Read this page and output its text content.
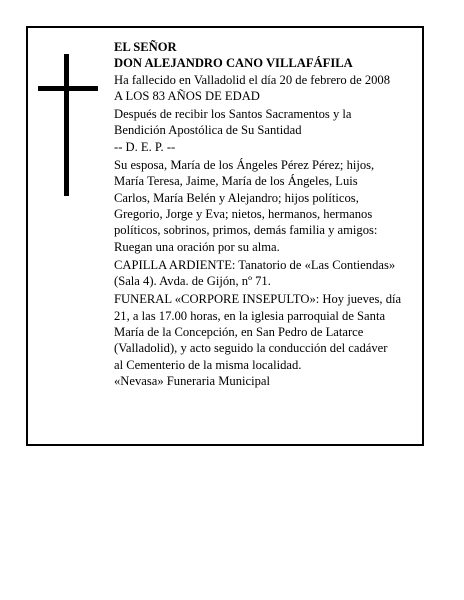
EL SEÑOR
DON ALEJANDRO CANO VILLAFÁFILA
Ha fallecido en Valladolid el día 20 de febrero de 2008
A LOS 83 AÑOS DE EDAD
Después de recibir los Santos Sacramentos y la
Bendición Apostólica de Su Santidad
-- D. E. P. --
Su esposa, María de los Ángeles Pérez Pérez; hijos,
María Teresa, Jaime, María de los Ángeles, Luis
Carlos, María Belén y Alejandro; hijos políticos,
Gregorio, Jorge y Eva; nietos, hermanos, hermanos
políticos, sobrinos, primos, demás familia y amigos:
Ruegan una oración por su alma.
CAPILLA ARDIENTE: Tanatorio de «Las Contiendas»
(Sala 4). Avda. de Gijón, nº 71.
FUNERAL «CORPORE INSEPULTO»: Hoy jueves, día
21, a las 17.00 horas, en la iglesia parroquial de Santa
María de la Concepción, en San Pedro de Latarce
(Valladolid), y acto seguido la conducción del cadáver
al Cementerio de la misma localidad.
«Nevasa» Funeraria Municipal
